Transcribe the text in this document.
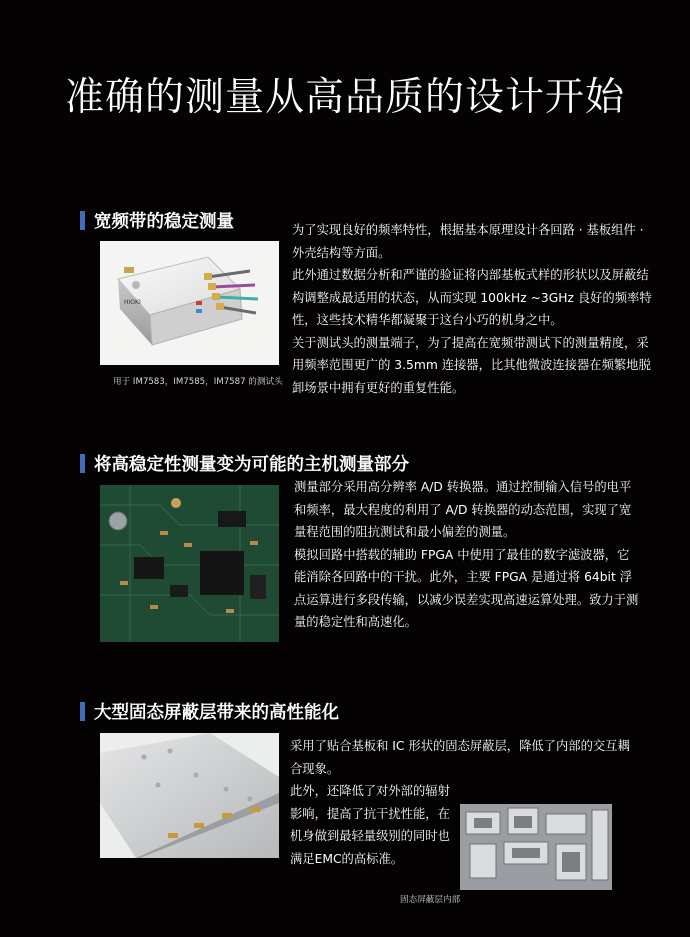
准确的测量从高品质的设计开始
宽频带的稳定测量
HIOKI
用于 IM7583，IM7585，IM7587 的测试头

为了实现良好的频率特性，根据基本原理设计各回路 · 基板组件 · 外壳结构等方面。

此外通过数据分析和严谨的验证将内部基板式样的形状以及屏蔽结构调整成最适用的状态，从而实现 100kHz ~3GHz 良好的频率特性，这些技术精华都凝聚于这台小巧的机身之中。

关于测试头的测量端子，为了提高在宽频带测试下的测量精度，采用频率范围更广的 3.5mm 连接器，比其他微波连接器在频繁地脱卸场景中拥有更好的重复性能。

将高稳定性测量变为可能的主机测量部分

测量部分采用高分辨率 A/D 转换器。通过控制输入信号的电平和频率，最大程度的利用了 A/D 转换器的动态范围，实现了宽量程范围的阻抗测试和最小偏差的测量。

模拟回路中搭载的辅助 FPGA 中使用了最佳的数字滤波器，它能消除各回路中的干扰。此外，主要 FPGA 是通过将 64bit 浮点运算进行多段传输，以减少误差实现高速运算处理。致力于测量的稳定性和高速化。

大型固态屏蔽层带来的高性能化

采用了贴合基板和 IC 形状的固态屏蔽层，降低了内部的交互耦合现象。

此外，还降低了对外部的辐射影响，提高了抗干扰性能，在机身做到最轻量级别的同时也满足EMC的高标准。

固态屏蔽层内部
